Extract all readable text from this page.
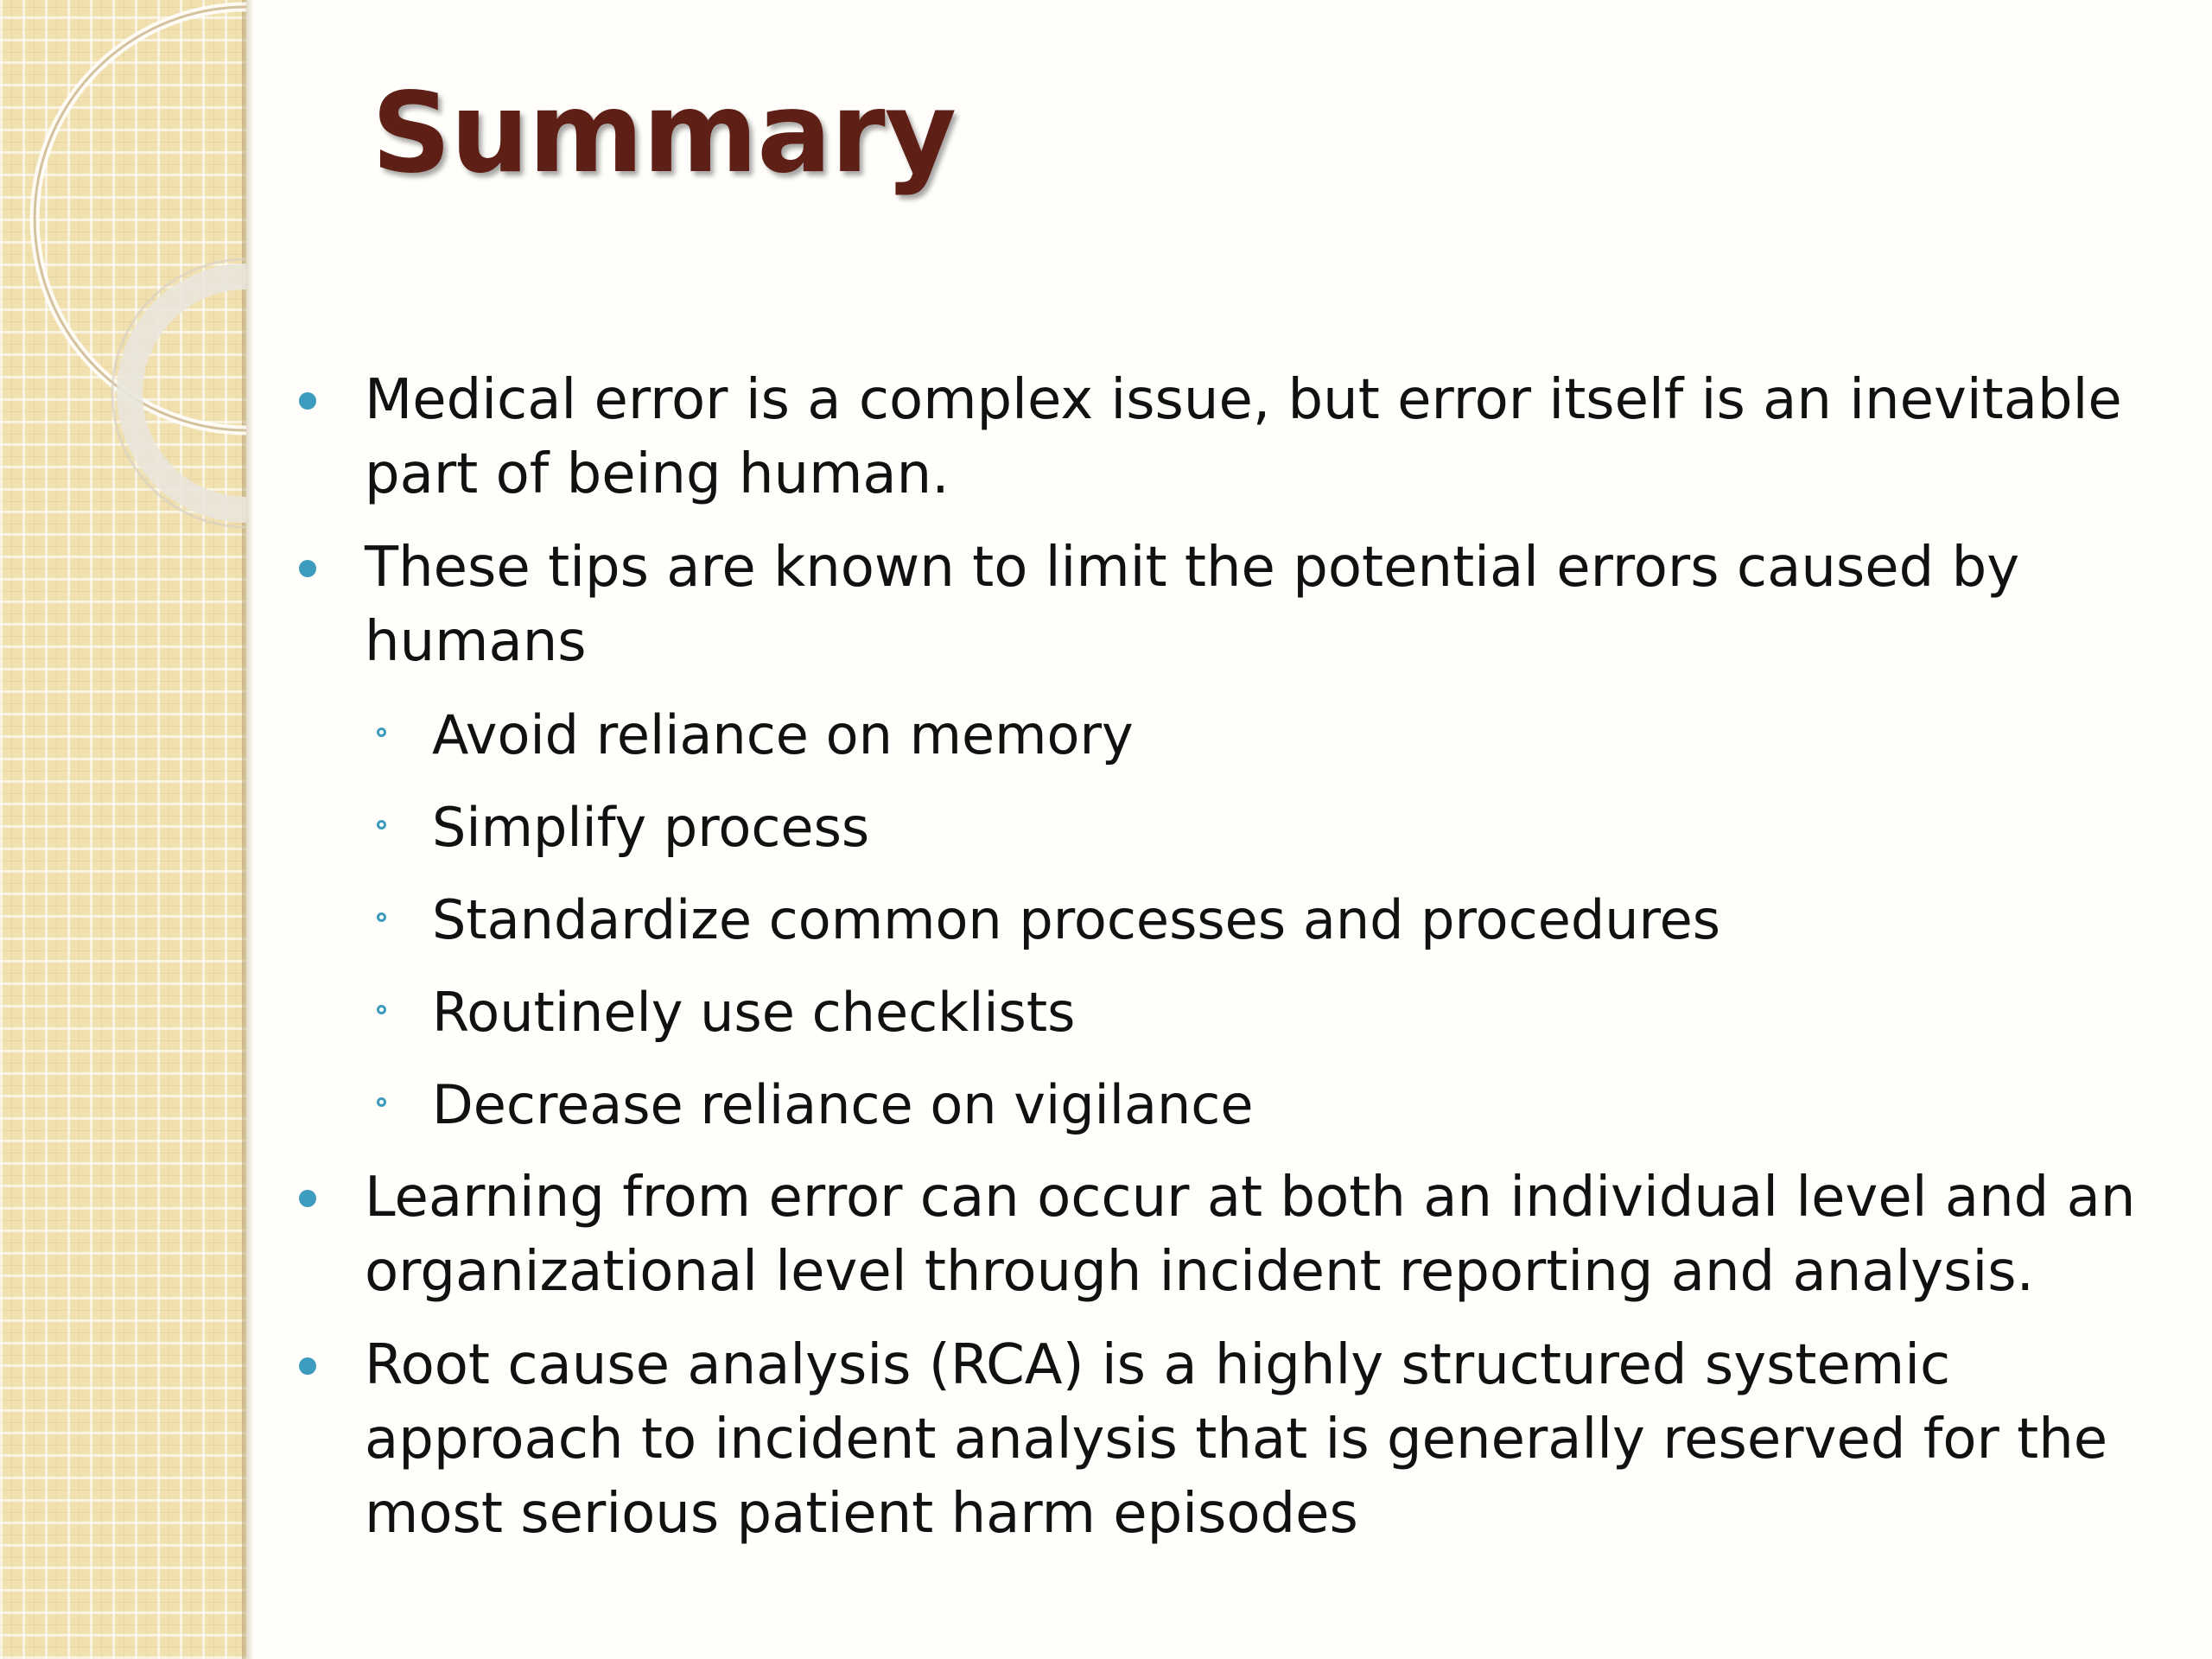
Summary
Medical error is a complex issue, but error itself is an inevitable part of being human.
These tips are known to limit the potential errors caused by humans
Avoid reliance on memory
Simplify process
Standardize common processes and procedures
Routinely use checklists
Decrease reliance on vigilance
Learning from error can occur at both an individual level and an organizational level through incident reporting and analysis.
Root cause analysis (RCA) is a highly structured systemic approach to incident analysis that is generally reserved for the most serious patient harm episodes
